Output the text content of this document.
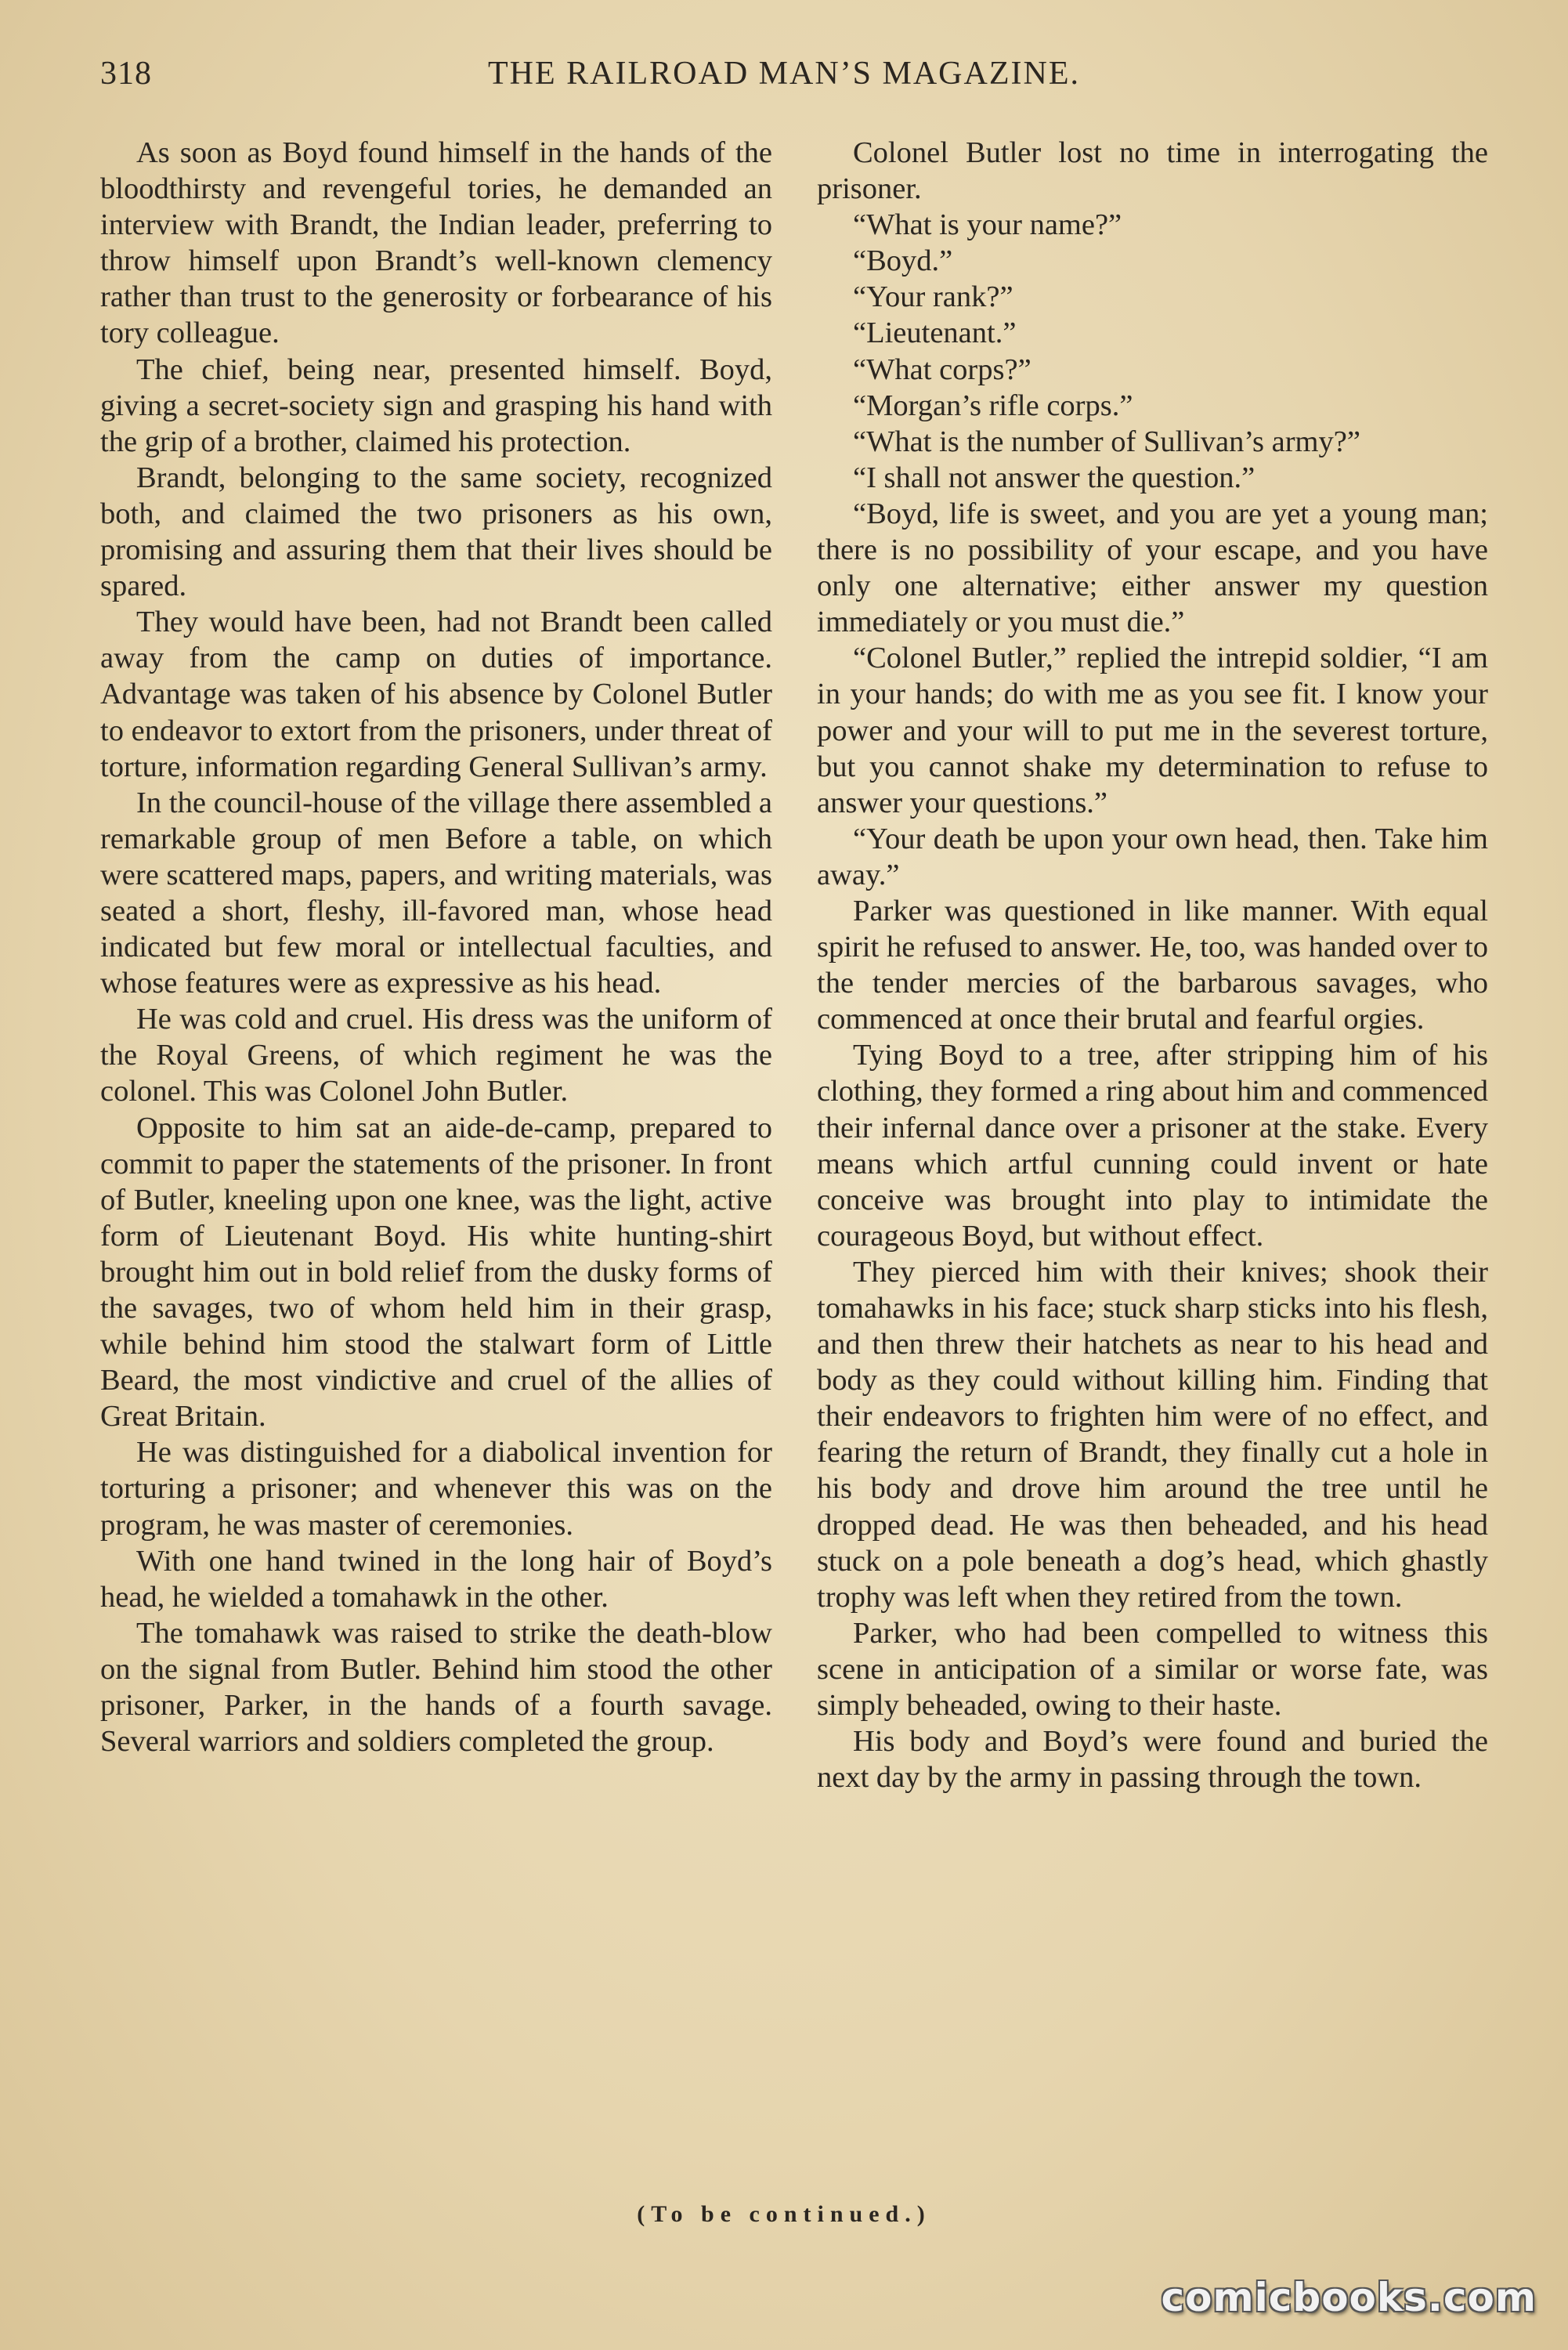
318	THE RAILROAD MAN’S MAGAZINE.

As soon as Boyd found himself in the hands of the bloodthirsty and revengeful tories, he demanded an interview with Brandt, the Indian leader, preferring to throw himself upon Brandt’s well-known clemency rather than trust to the generosity or forbearance of his tory colleague.

The chief, being near, presented himself. Boyd, giving a secret-society sign and grasping his hand with the grip of a brother, claimed his protection.

Brandt, belonging to the same society, recognized both, and claimed the two prisoners as his own, promising and assuring them that their lives should be spared.

They would have been, had not Brandt been called away from the camp on duties of importance. Advantage was taken of his absence by Colonel Butler to endeavor to extort from the prisoners, under threat of torture, information regarding General Sullivan’s army.

In the council-house of the village there assembled a remarkable group of men Before a table, on which were scattered maps, papers, and writing materials, was seated a short, fleshy, ill-favored man, whose head indicated but few moral or intellectual faculties, and whose features were as expressive as his head.

He was cold and cruel. His dress was the uniform of the Royal Greens, of which regiment he was the colonel. This was Colonel John Butler.

Opposite to him sat an aide-de-camp, prepared to commit to paper the statements of the prisoner. In front of Butler, kneeling upon one knee, was the light, active form of Lieutenant Boyd. His white hunting-shirt brought him out in bold relief from the dusky forms of the savages, two of whom held him in their grasp, while behind him stood the stalwart form of Little Beard, the most vindictive and cruel of the allies of Great Britain.

He was distinguished for a diabolical invention for torturing a prisoner; and whenever this was on the program, he was master of ceremonies.

With one hand twined in the long hair of Boyd’s head, he wielded a tomahawk in the other.

The tomahawk was raised to strike the death-blow on the signal from Butler. Behind him stood the other prisoner, Parker, in the hands of a fourth savage. Several warriors and soldiers completed the group.

Colonel Butler lost no time in interrogating the prisoner.

“What is your name?”

“Boyd.”

“Your rank?”

“Lieutenant.”

“What corps?”

“Morgan’s rifle corps.”

“What is the number of Sullivan’s army?”

“I shall not answer the question.”

“Boyd, life is sweet, and you are yet a young man; there is no possibility of your escape, and you have only one alternative; either answer my question immediately or you must die.”

“Colonel Butler,” replied the intrepid soldier, “I am in your hands; do with me as you see fit. I know your power and your will to put me in the severest torture, but you cannot shake my determination to refuse to answer your questions.”

“Your death be upon your own head, then. Take him away.”

Parker was questioned in like manner. With equal spirit he refused to answer. He, too, was handed over to the tender mercies of the barbarous savages, who commenced at once their brutal and fearful orgies.

Tying Boyd to a tree, after stripping him of his clothing, they formed a ring about him and commenced their infernal dance over a prisoner at the stake. Every means which artful cunning could invent or hate conceive was brought into play to intimidate the courageous Boyd, but without effect.

They pierced him with their knives; shook their tomahawks in his face; stuck sharp sticks into his flesh, and then threw their hatchets as near to his head and body as they could without killing him. Finding that their endeavors to frighten him were of no effect, and fearing the return of Brandt, they finally cut a hole in his body and drove him around the tree until he dropped dead. He was then beheaded, and his head stuck on a pole beneath a dog’s head, which ghastly trophy was left when they retired from the town.

Parker, who had been compelled to witness this scene in anticipation of a similar or worse fate, was simply beheaded, owing to their haste.

His body and Boyd’s were found and buried the next day by the army in passing through the town.

(To be continued.)
comicbooks.com
